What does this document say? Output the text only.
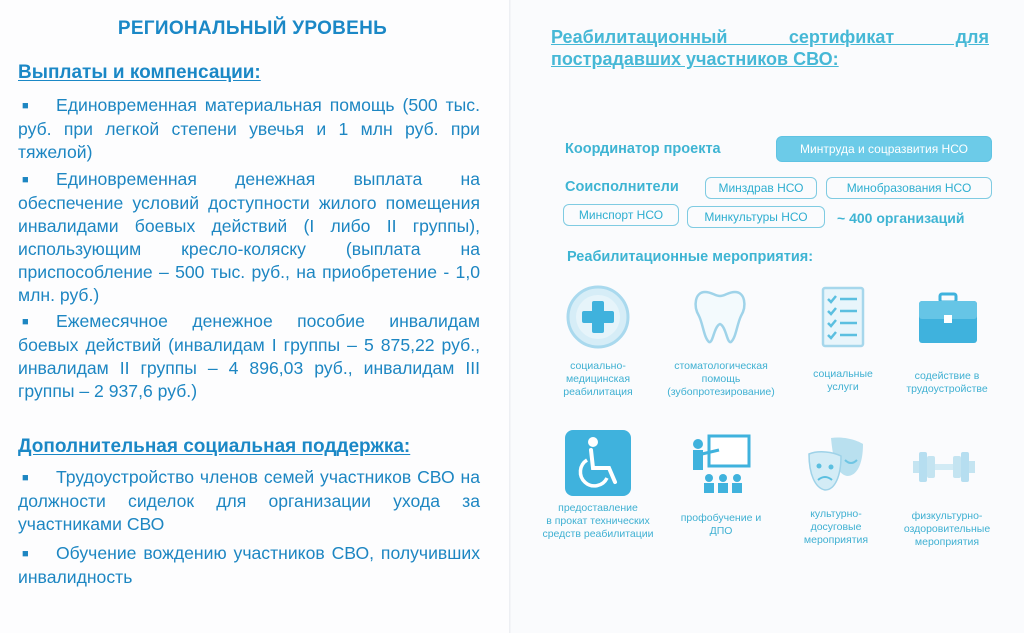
РЕГИОНАЛЬНЫЙ УРОВЕНЬ
Выплаты и компенсации:
■ Единовременная материальная помощь (500 тыс. руб. при легкой степени увечья и 1 млн руб. при тяжелой)
■ Единовременная денежная выплата на обеспечение условий доступности жилого помещения инвалидами боевых действий (I либо II группы), использующим кресло-коляску (выплата на приспособление – 500 тыс. руб., на приобретение - 1,0 млн. руб.)
■ Ежемесячное денежное пособие инвалидам боевых действий (инвалидам I группы – 5 875,22 руб., инвалидам II группы – 4 896,03 руб., инвалидам III группы – 2 937,6 руб.)
Дополнительная социальная поддержка:
■ Трудоустройство членов семей участников СВО на должности сиделок для организации ухода за участниками СВО
■ Обучение вождению участников СВО, получивших инвалидность
Реабилитационный сертификат для пострадавших участников СВО:
Координатор проекта	Минтруда и соцразвития НСО
Соисполнители	Минздрав НСО	Минобразования НСО
Минспорт НСО	Минкультуры НСО	~ 400 организаций
Реабилитационные мероприятия:
социально-
медицинская
реабилитация
стоматологическая
помощь
(зубопротезирование)
социальные
услуги
содействие в
трудоустройстве
предоставление
в прокат технических
средств реабилитации
профобучение и
ДПО
культурно-
досуговые
мероприятия
физкультурно-
оздоровительные
мероприятия
